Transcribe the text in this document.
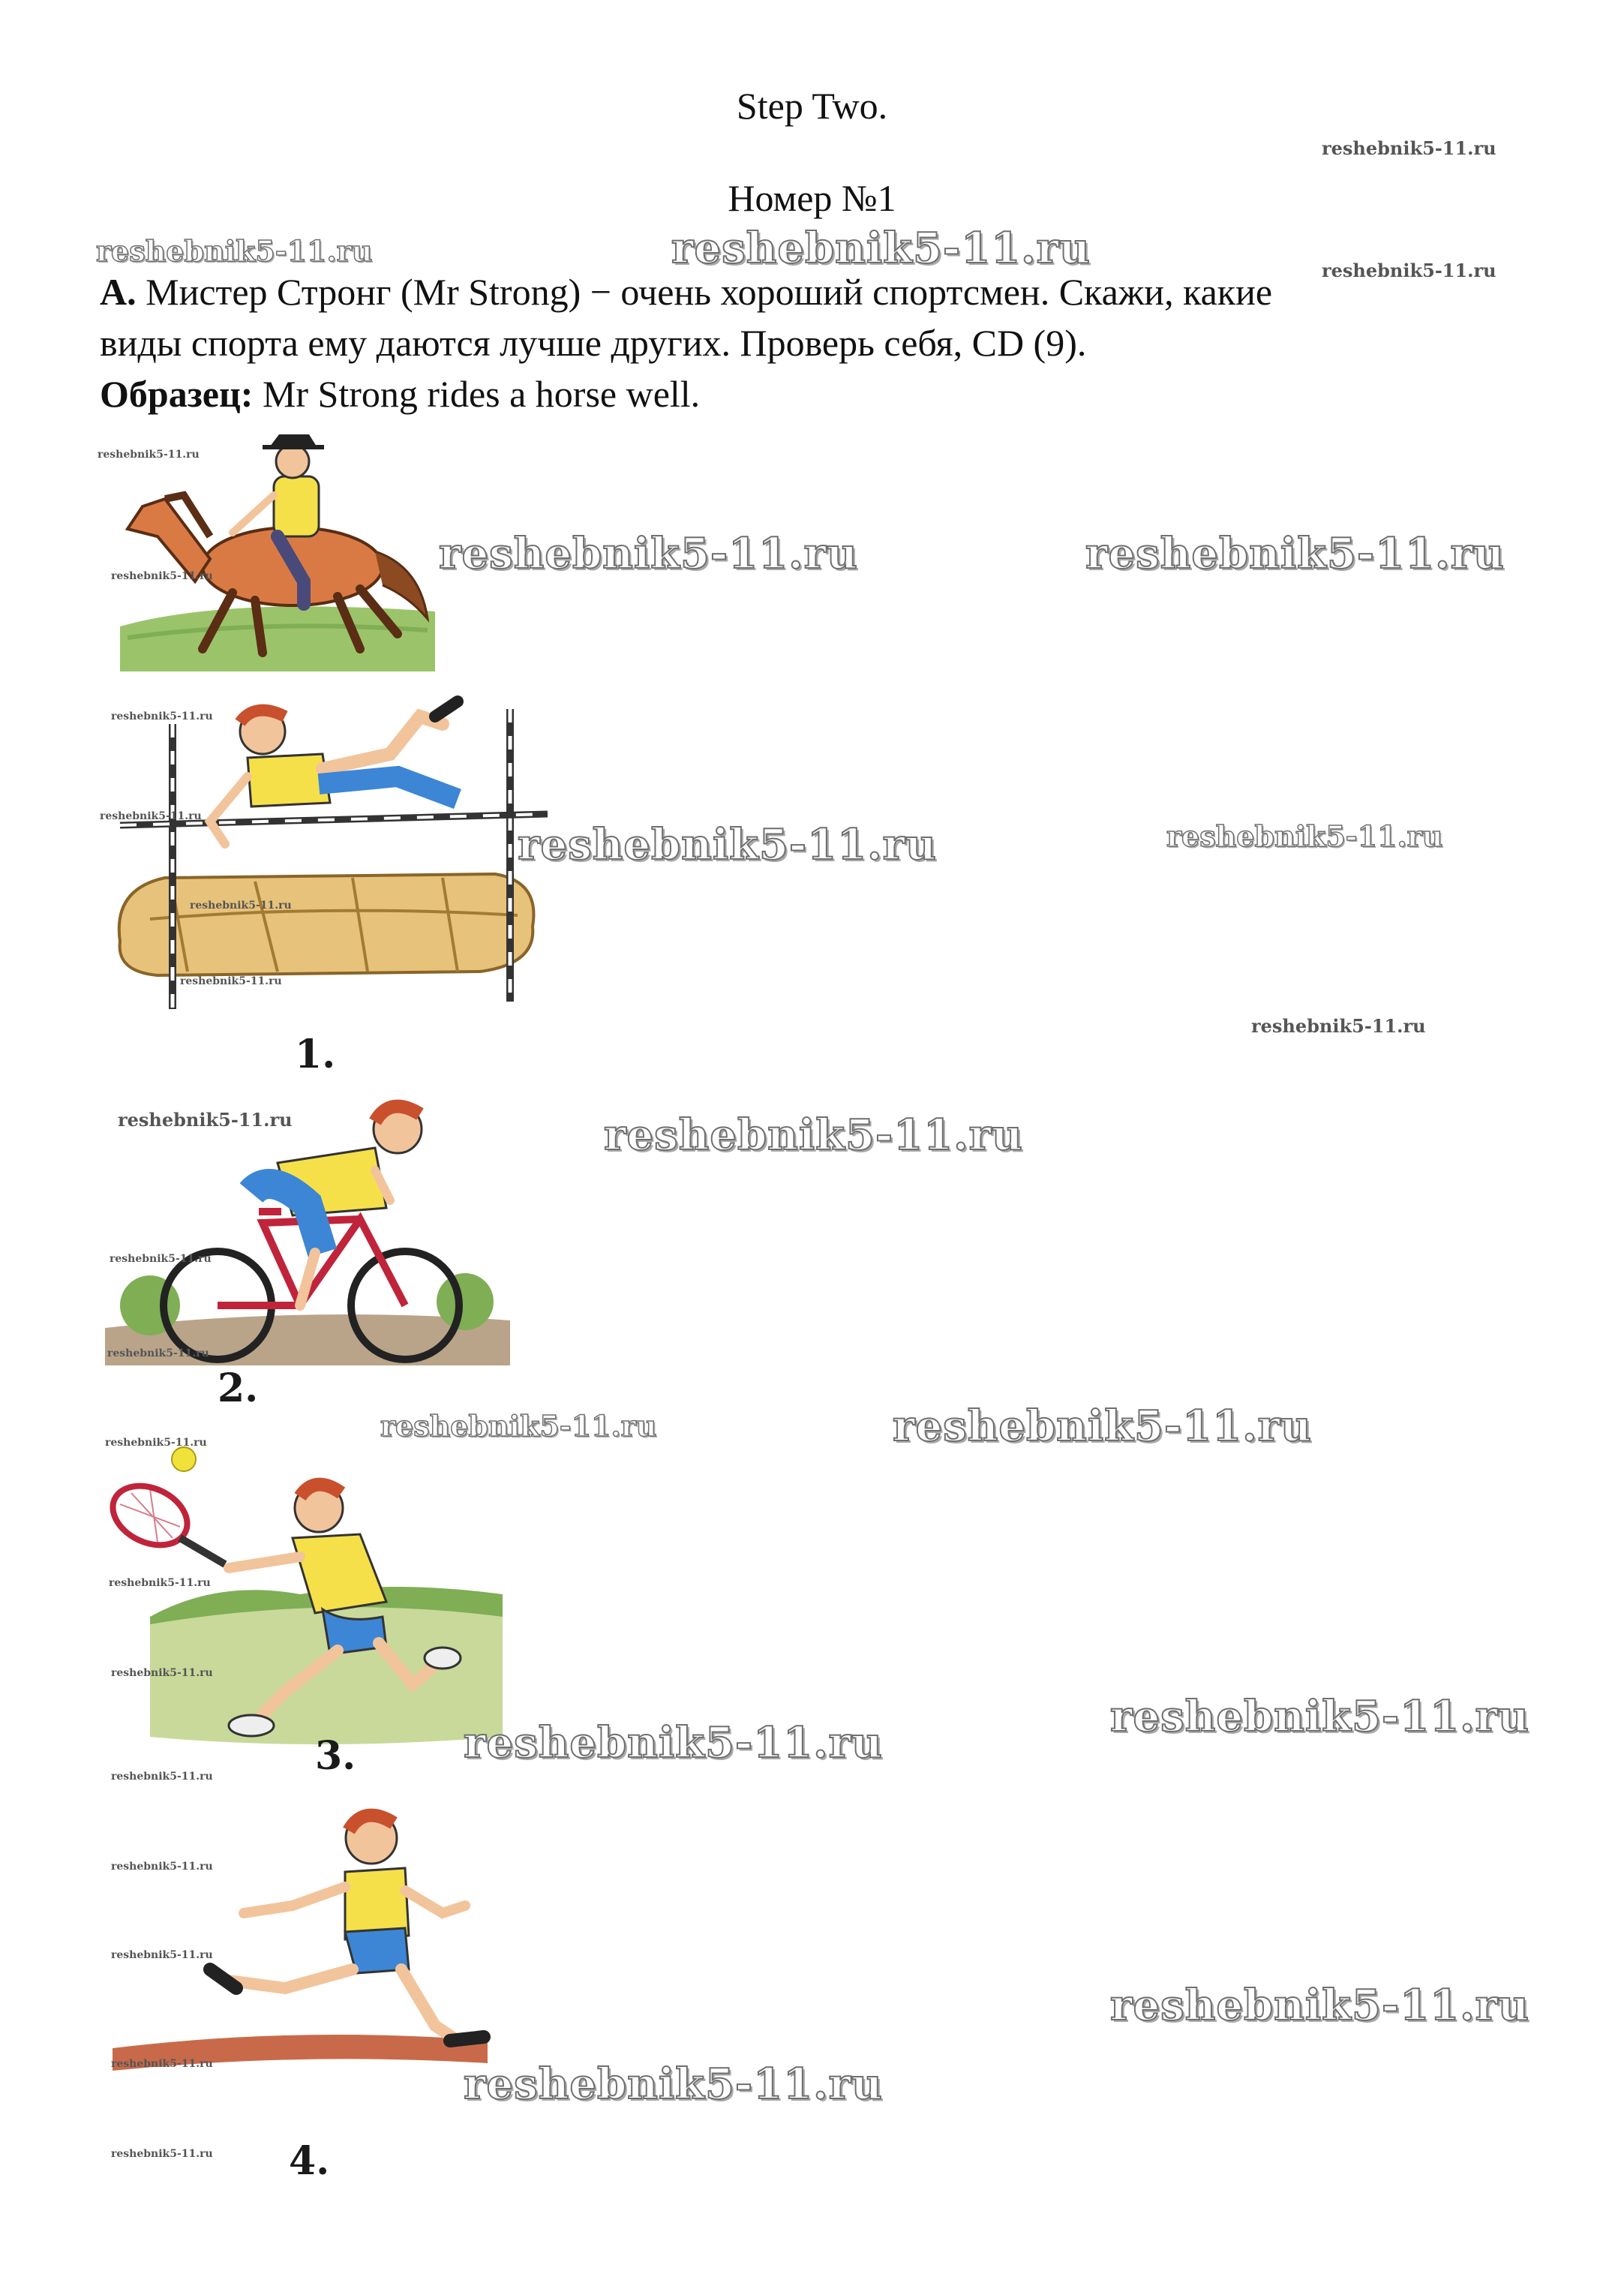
Step Two.
Номер №1
A. Мистер Стронг (Mr Strong) − очень хороший спортсмен. Скажи, какие
виды спорта ему даются лучше других. Проверь себя, CD (9).
Образец: Mr Strong rides a horse well.
1.
2.
3.
4.
reshebnik5-11.ru
reshebnik5-11.ru	reshebnik5-11.ru	reshebnik5-11.ru
reshebnik5-11.ru
reshebnik5-11.ru	reshebnik5-11.ru
reshebnik5-11.ru
reshebnik5-11.ru
reshebnik5-11.ru
reshebnik5-11.ru	reshebnik5-11.ru
reshebnik5-11.ru
reshebnik5-11.ru
reshebnik5-11.ru
reshebnik5-11.ru	reshebnik5-11.ru
reshebnik5-11.ru
reshebnik5-11.ru
reshebnik5-11.ru	reshebnik5-11.ru
reshebnik5-11.ru
reshebnik5-11.ru
reshebnik5-11.ru
reshebnik5-11.ru
reshebnik5-11.ru
reshebnik5-11.ru
reshebnik5-11.ru
reshebnik5-11.ru
reshebnik5-11.ru
reshebnik5-11.ru	reshebnik5-11.ru
reshebnik5-11.ru
